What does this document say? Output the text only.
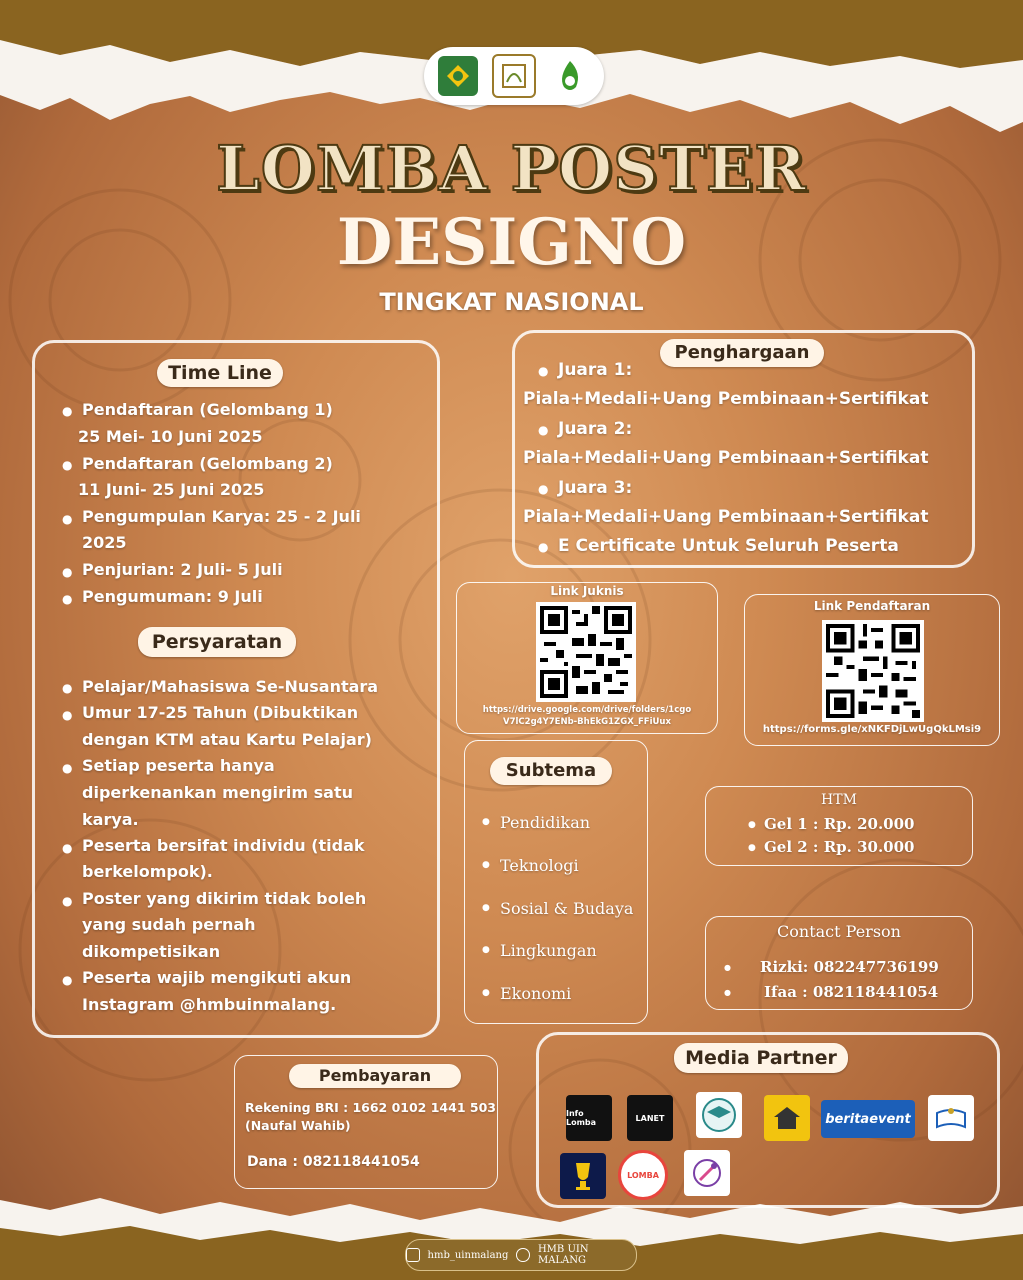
LOMBA POSTER
DESIGNO
TINGKAT NASIONAL
Time Line
● Pendaftaran (Gelombang 1)
25 Mei- 10 Juni 2025
● Pendaftaran (Gelombang 2)
11 Juni- 25 Juni 2025
● Pengumpulan Karya: 25 - 2 Juli
2025
● Penjurian: 2 Juli- 5 Juli
● Pengumuman: 9 Juli
Persyaratan
● Pelajar/Mahasiswa Se-Nusantara
● Umur 17-25 Tahun (Dibuktikan
dengan KTM atau Kartu Pelajar)
● Setiap peserta hanya
diperkenankan mengirim satu
karya.
● Peserta bersifat individu (tidak
berkelompok).
● Poster yang dikirim tidak boleh
yang sudah pernah
dikompetisikan
● Peserta wajib mengikuti akun
Instagram @hmbuinmalang.
Penghargaan
● Juara 1:
Piala+Medali+Uang Pembinaan+Sertifikat
● Juara 2:
Piala+Medali+Uang Pembinaan+Sertifikat
● Juara 3:
Piala+Medali+Uang Pembinaan+Sertifikat
● E Certificate Untuk Seluruh Peserta
Link Juknis
https://drive.google.com/drive/folders/1cgo
V7lC2g4Y7ENb-BhEkG1ZGX_FFiUux
Link Pendaftaran
https://forms.gle/xNKFDjLwUgQkLMsi9
Subtema
● Pendidikan
● Teknologi
● Sosial & Budaya
● Lingkungan
● Ekonomi
HTM
● Gel 1 : Rp. 20.000
● Gel 2 : Rp. 30.000
Contact Person
● Rizki: 082247736199
● Ifaa : 082118441054
Pembayaran
Rekening BRI : 1662 0102 1441 503
(Naufal Wahib)
Dana : 082118441054
Media Partner
Info Lomba	LANET	beritaevent
LOMBA
hmb_uinmalang	HMB UIN MALANG
